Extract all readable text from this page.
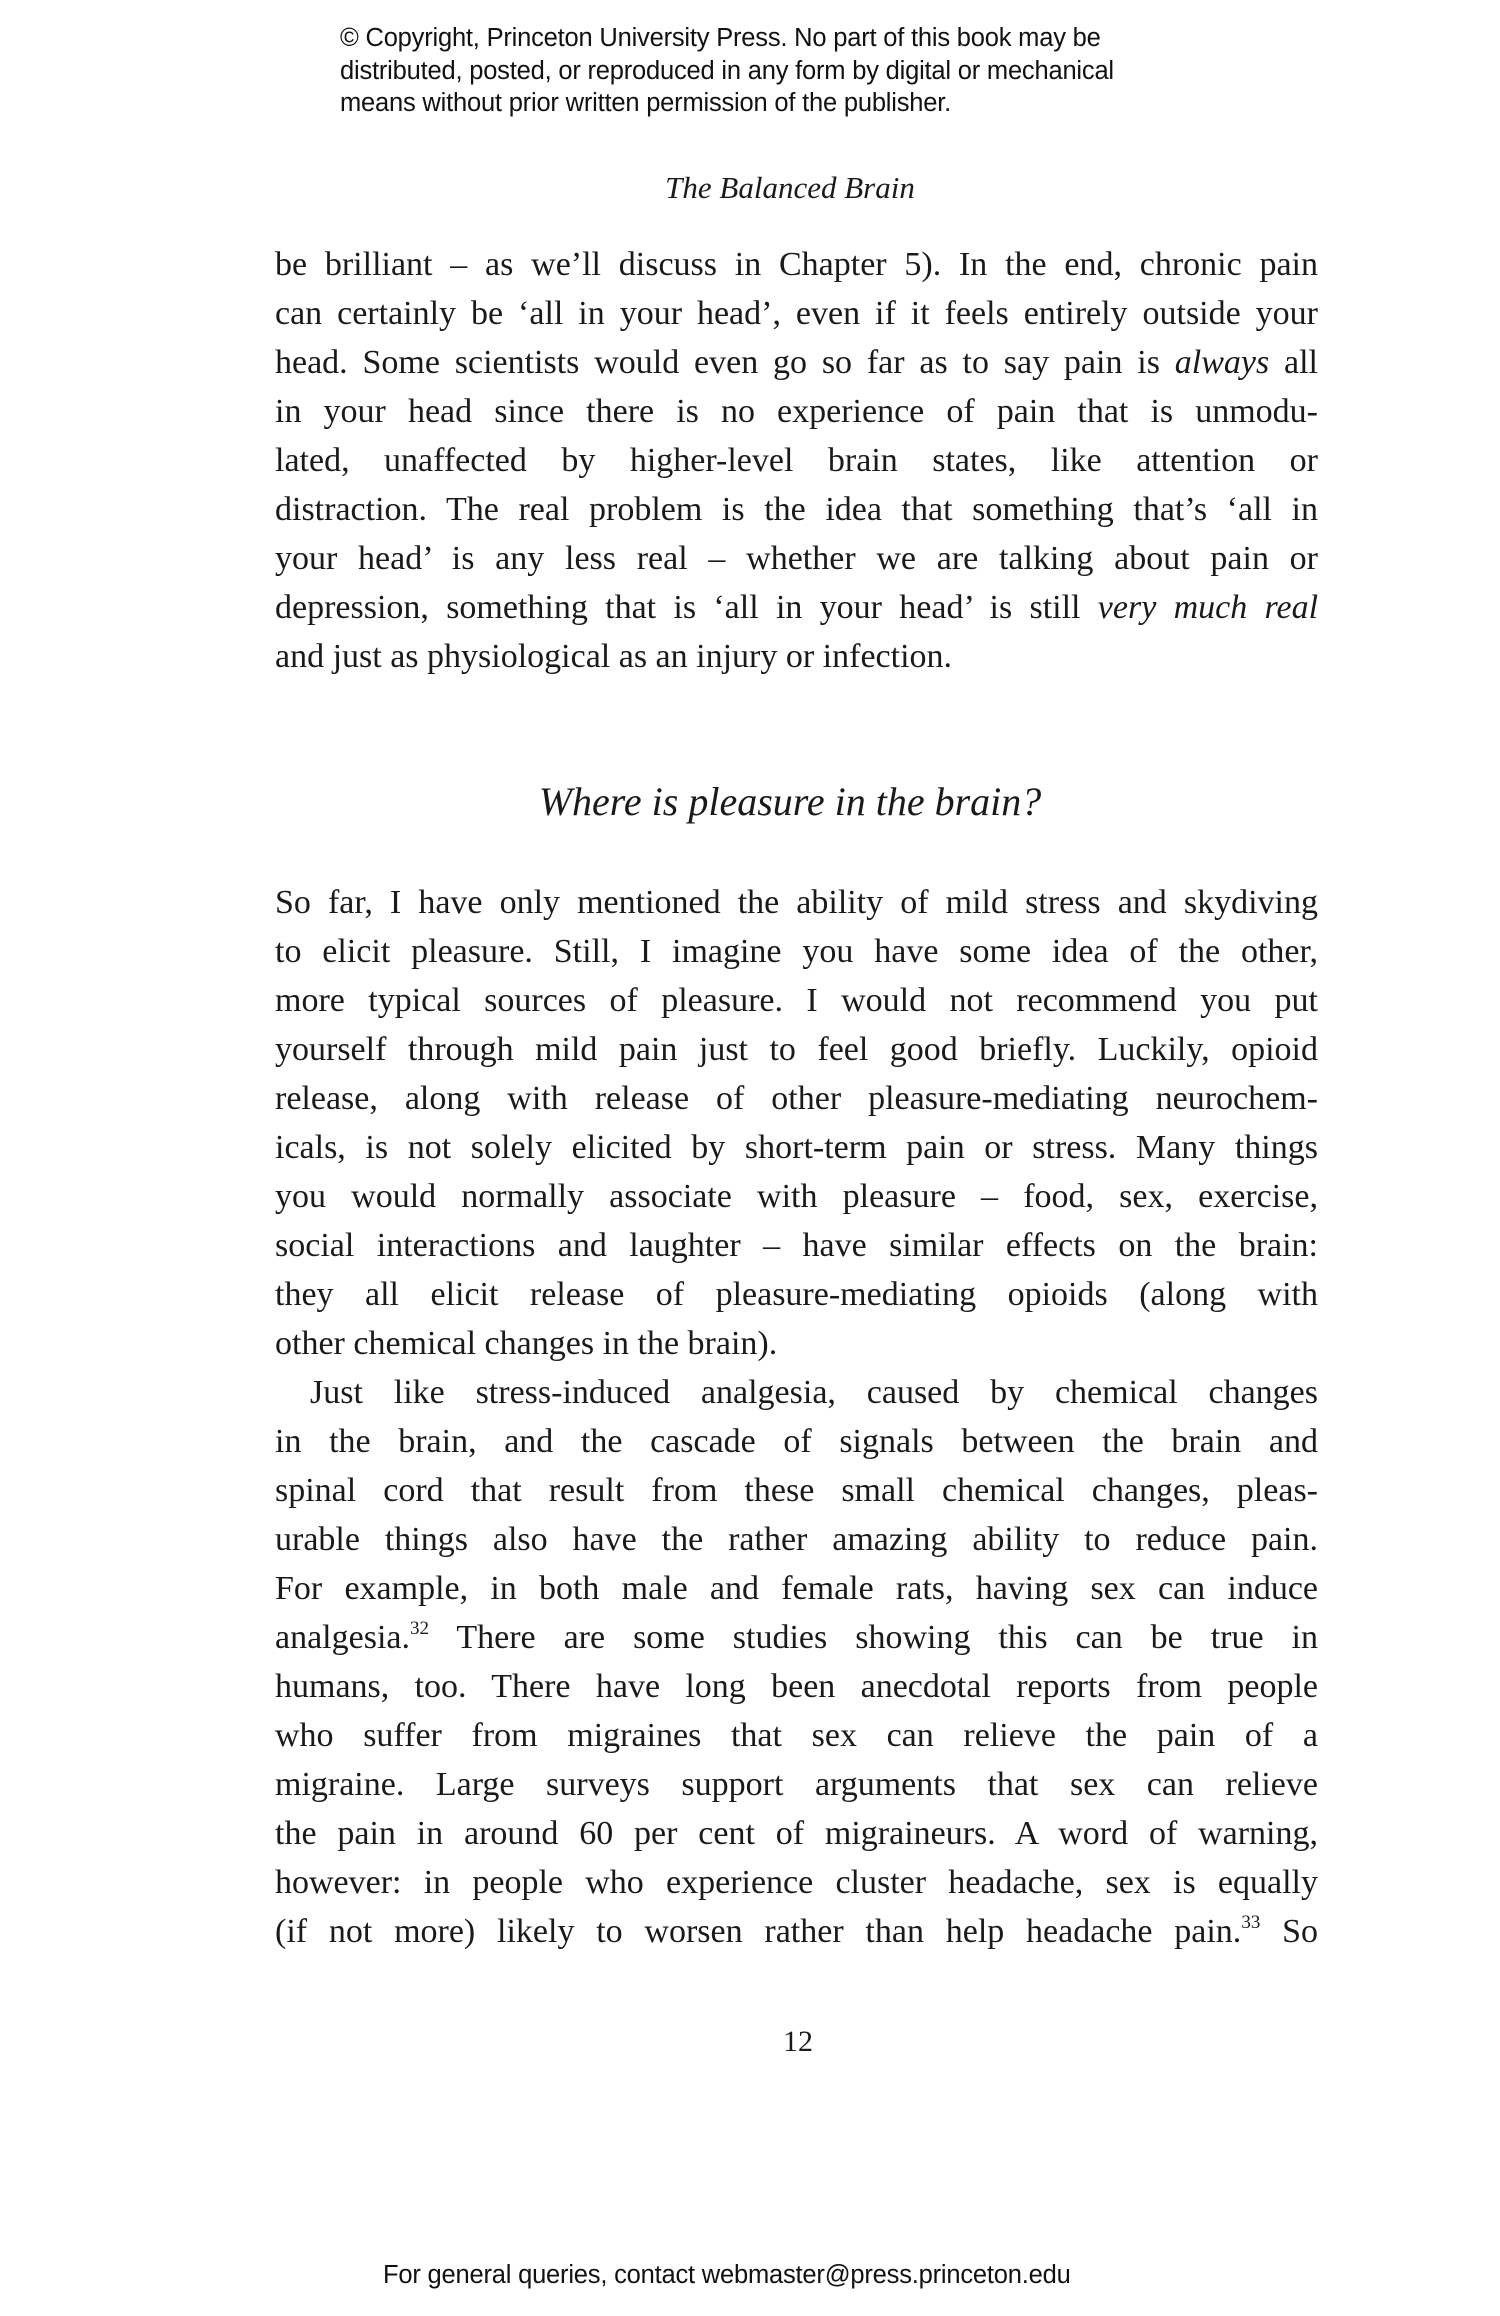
© Copyright, Princeton University Press. No part of this book may be
distributed, posted, or reproduced in any form by digital or mechanical
means without prior written permission of the publisher.
The Balanced Brain
be brilliant – as we’ll discuss in Chapter 5). In the end, chronic pain
can certainly be ‘all in your head’, even if it feels entirely outside your
head. Some scientists would even go so far as to say pain is always all
in your head since there is no experience of pain that is unmodu-
lated, unaffected by higher-level brain states, like attention or
distraction. The real problem is the idea that something that’s ‘all in
your head’ is any less real – whether we are talking about pain or
depression, something that is ‘all in your head’ is still very much real
and just as physiological as an injury or infection.
Where is pleasure in the brain?
So far, I have only mentioned the ability of mild stress and skydiving
to elicit pleasure. Still, I imagine you have some idea of the other,
more typical sources of pleasure. I would not recommend you put
yourself through mild pain just to feel good briefly. Luckily, opioid
release, along with release of other pleasure-mediating neurochem-
icals, is not solely elicited by short-term pain or stress. Many things
you would normally associate with pleasure – food, sex, exercise,
social interactions and laughter – have similar effects on the brain:
they all elicit release of pleasure-mediating opioids (along with
other chemical changes in the brain).
Just like stress-induced analgesia, caused by chemical changes
in the brain, and the cascade of signals between the brain and
spinal cord that result from these small chemical changes, pleas-
urable things also have the rather amazing ability to reduce pain.
For example, in both male and female rats, having sex can induce
analgesia.$^{32}$ There are some studies showing this can be true in
humans, too. There have long been anecdotal reports from people
who suffer from migraines that sex can relieve the pain of a
migraine. Large surveys support arguments that sex can relieve
the pain in around 60 per cent of migraineurs. A word of warning,
however: in people who experience cluster headache, sex is equally
(if not more) likely to worsen rather than help headache pain.$^{33}$ So
12
For general queries, contact webmaster@press.princeton.edu
